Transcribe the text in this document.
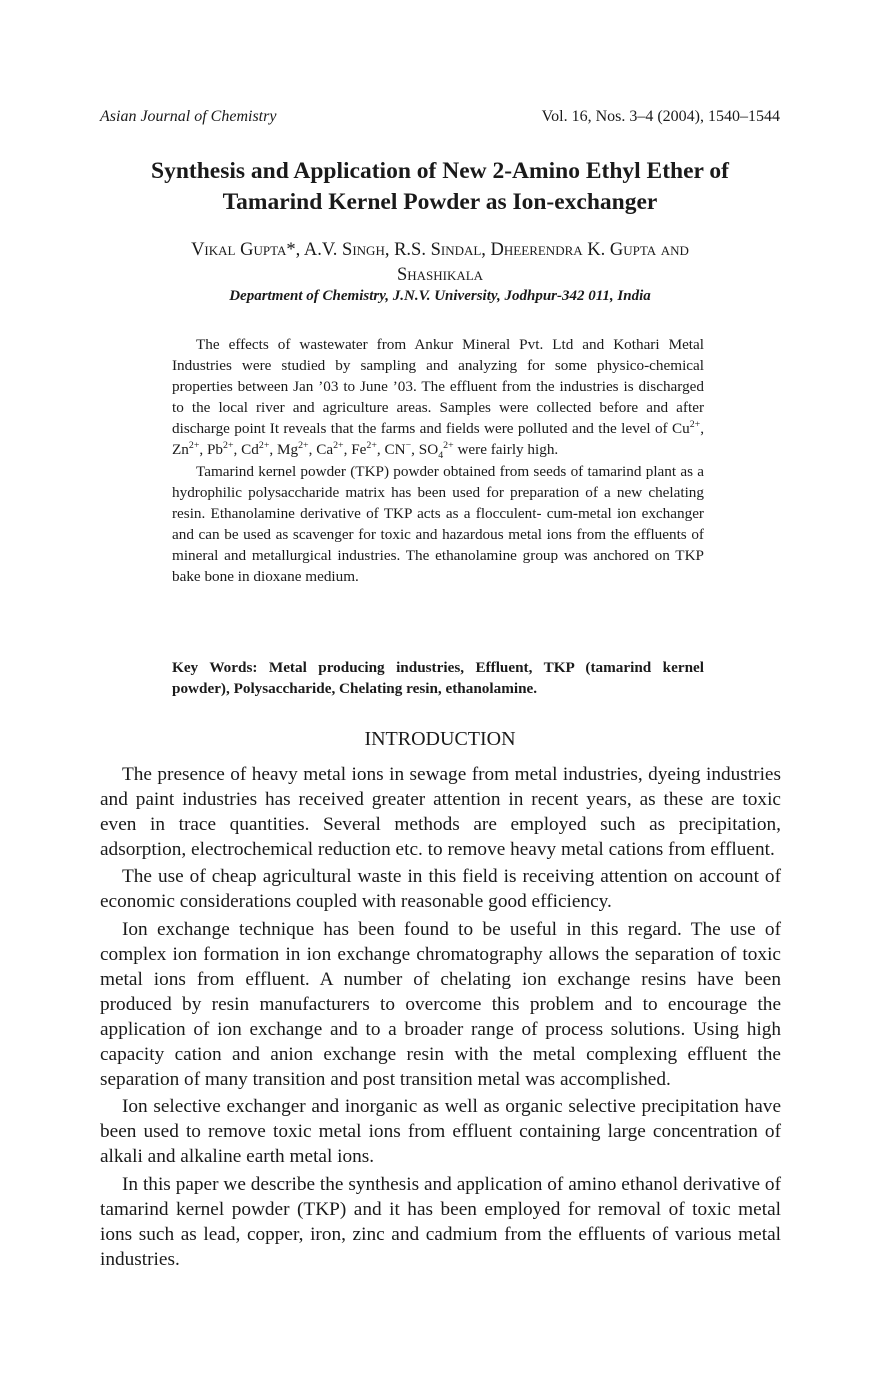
Asian Journal of Chemistry	Vol. 16, Nos. 3–4 (2004), 1540–1544
Synthesis and Application of New 2-Amino Ethyl Ether of
Tamarind Kernel Powder as Ion-exchanger
Vikal Gupta*, A.V. Singh, R.S. Sindal, Dheerendra K. Gupta and
Shashikala
Department of Chemistry, J.N.V. University, Jodhpur-342 011, India

The effects of wastewater from Ankur Mineral Pvt. Ltd and Kothari Metal Industries were studied by sampling and analyzing for some physico-chemical properties between Jan ’03 to June ’03. The effluent from the industries is discharged to the local river and agriculture areas. Samples were collected before and after discharge point It reveals that the farms and fields were polluted and the level of $Cu^{2+}$, $Zn^{2+}$, $Pb^{2+}$, $Cd^{2+}$, $Mg^{2+}$, $Ca^{2+}$, $Fe^{2+}$, CN−, $SO_4^{2+}$ were fairly high.

Tamarind kernel powder (TKP) powder obtained from seeds of tamarind plant as a hydrophilic polysaccharide matrix has been used for preparation of a new chelating resin. Ethanolamine derivative of TKP acts as a flocculent- cum-metal ion exchanger and can be used as scavenger for toxic and hazardous metal ions from the effluents of mineral and metallurgical industries. The ethanolamine group was anchored on TKP bake bone in dioxane medium.

Key Words: Metal producing industries, Effluent, TKP (tamarind kernel powder), Polysaccharide, Chelating resin, ethanolamine.
INTRODUCTION

The presence of heavy metal ions in sewage from metal industries, dyeing industries and paint industries has received greater attention in recent years, as these are toxic even in trace quantities. Several methods are employed such as precipitation, adsorption, electrochemical reduction etc. to remove heavy metal cations from effluent.

The use of cheap agricultural waste in this field is receiving attention on account of economic considerations coupled with reasonable good efficiency.

Ion exchange technique has been found to be useful in this regard. The use of complex ion formation in ion exchange chromatography allows the separation of toxic metal ions from effluent. A number of chelating ion exchange resins have been produced by resin manufacturers to overcome this problem and to encourage the application of ion exchange and to a broader range of process solutions. Using high capacity cation and anion exchange resin with the metal complexing effluent the separation of many transition and post transition metal was accomplished.

Ion selective exchanger and inorganic as well as organic selective precipitation have been used to remove toxic metal ions from effluent containing large concentration of alkali and alkaline earth metal ions.

In this paper we describe the synthesis and application of amino ethanol derivative of tamarind kernel powder (TKP) and it has been employed for removal of toxic metal ions such as lead, copper, iron, zinc and cadmium from the effluents of various metal industries.
